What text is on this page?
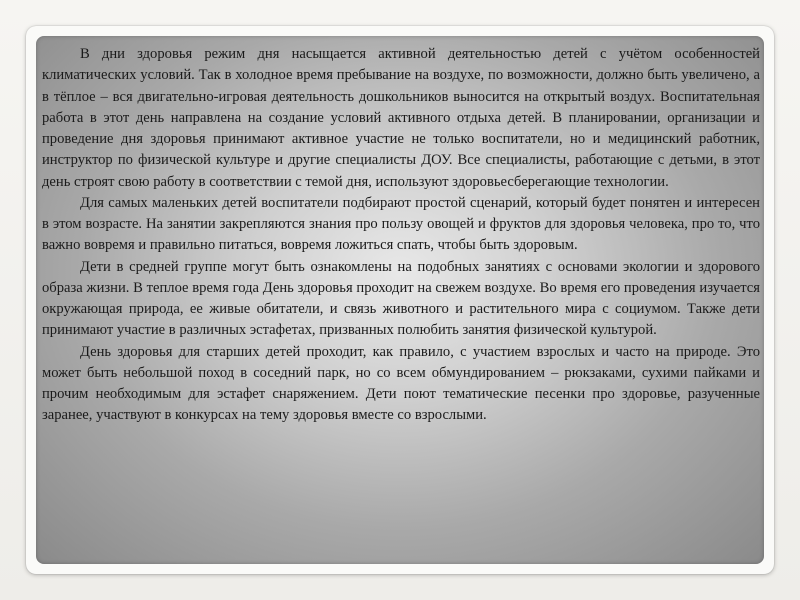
В дни здоровья режим дня насыщается активной деятельностью детей с учётом особенностей климатических условий. Так в холодное время пребывание на воздухе, по возможности, должно быть увеличено, а в тёплое – вся двигательно-игровая деятельность дошкольников выносится на открытый воздух. Воспитательная работа в этот день направлена на создание условий активного отдыха детей. В планировании, организации и проведение дня здоровья принимают активное участие не только воспитатели, но и медицинский работник, инструктор по физической культуре и другие специалисты ДОУ. Все специалисты, работающие с детьми, в этот день строят свою работу в соответствии с темой дня, используют здоровьесберегающие технологии.

Для самых маленьких детей воспитатели подбирают простой сценарий, который будет понятен и интересен в этом возрасте. На занятии закрепляются знания про пользу овощей и фруктов для здоровья человека, про то, что важно вовремя и правильно питаться, вовремя ложиться спать, чтобы быть здоровым.

Дети в средней группе могут быть ознакомлены на подобных занятиях с основами экологии и здорового образа жизни. В теплое время года День здоровья проходит на свежем воздухе. Во время его проведения изучается окружающая природа, ее живые обитатели, и связь животного и растительного мира с социумом. Также дети принимают участие в различных эстафетах, призванных полюбить занятия физической культурой.

День здоровья для старших детей проходит, как правило, с участием взрослых и часто на природе. Это может быть небольшой поход в соседний парк, но со всем обмундированием – рюкзаками, сухими пайками и прочим необходимым для эстафет снаряжением. Дети поют тематические песенки про здоровье, разученные заранее, участвуют в конкурсах на тему здоровья вместе со взрослыми.
